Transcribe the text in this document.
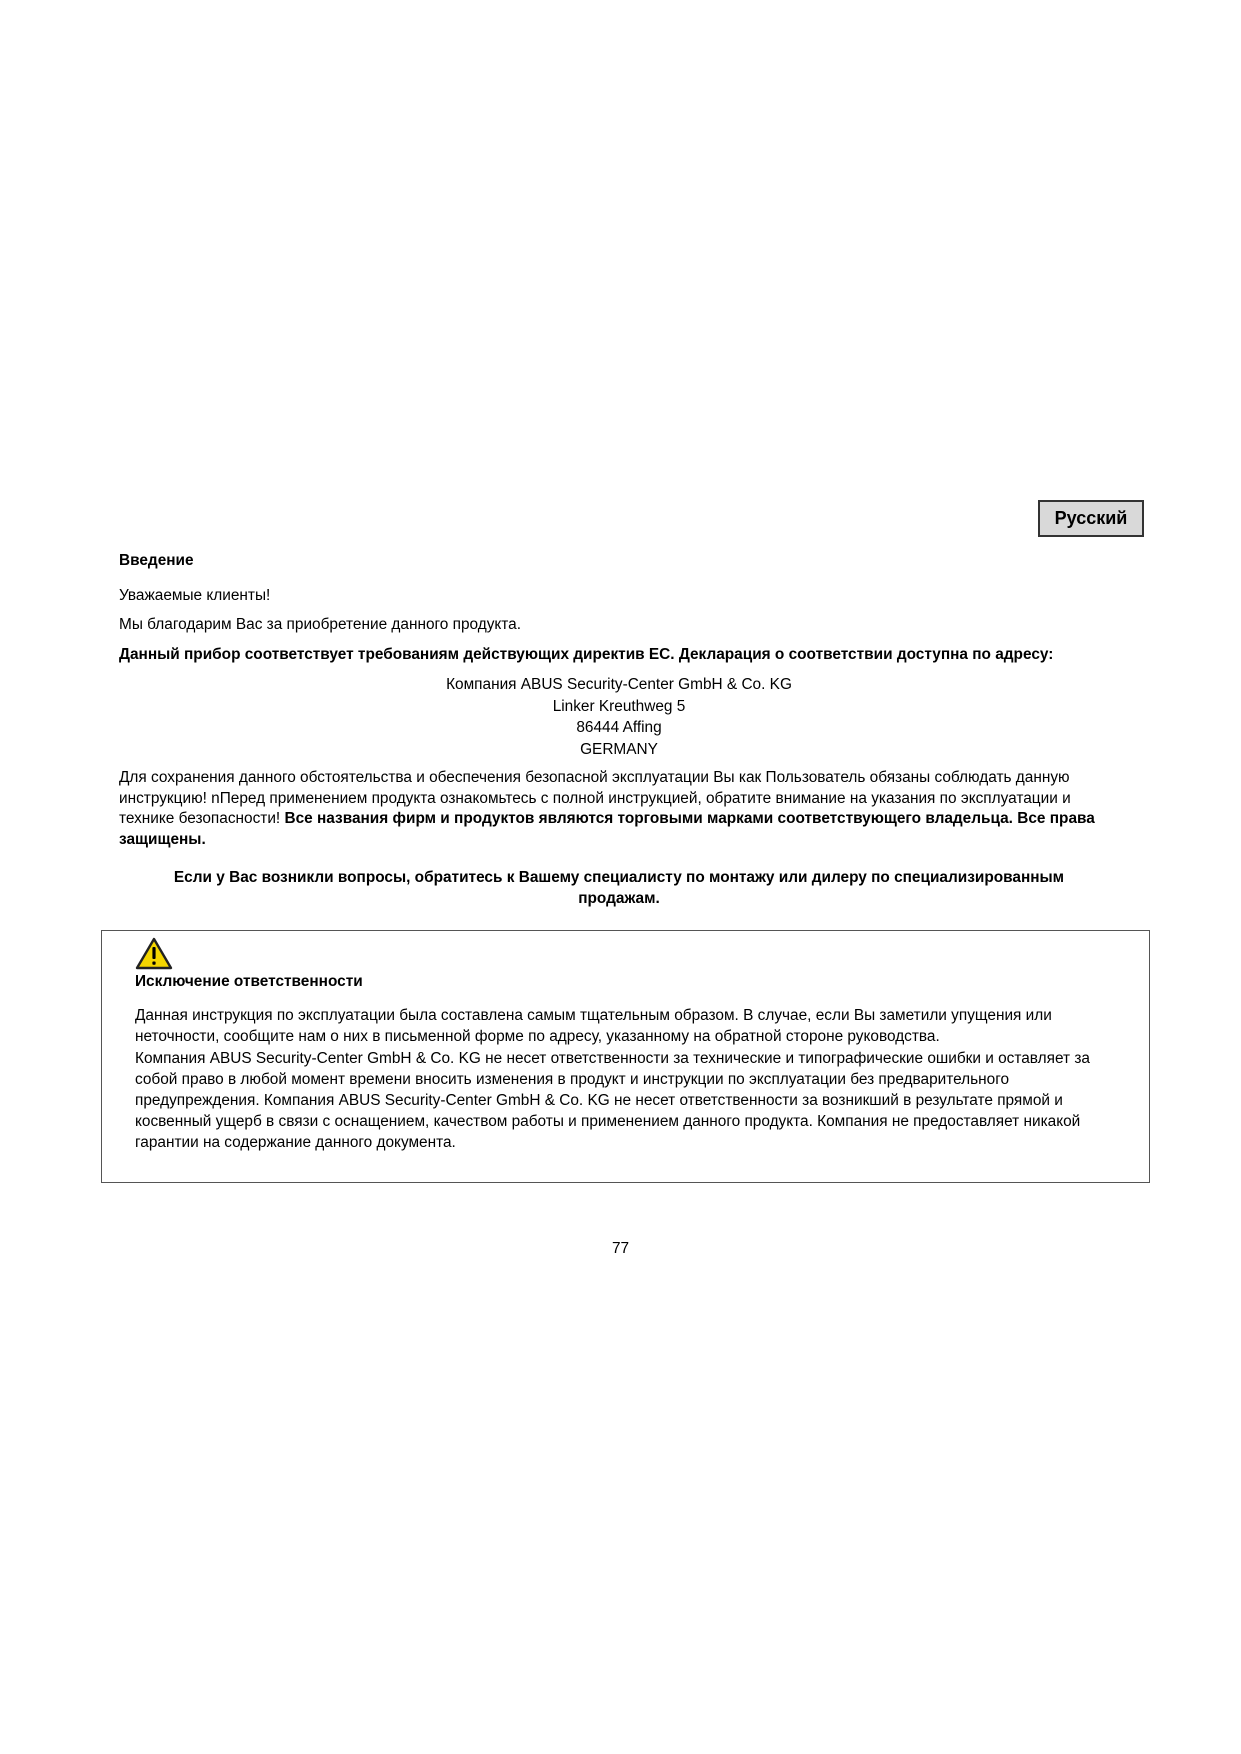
Русский
Введение
Уважаемые клиенты!
Мы благодарим Вас за приобретение данного продукта.
Данный прибор соответствует требованиям действующих директив ЕС. Декларация о соответствии доступна по адресу:
Компания ABUS Security-Center GmbH & Co. KG
Linker Kreuthweg 5
86444 Affing
GERMANY
Для сохранения данного обстоятельства и обеспечения безопасной эксплуатации Вы как Пользователь обязаны соблюдать данную инструкцию! nПеред применением продукта ознакомьтесь с полной инструкцией, обратите внимание на указания по эксплуатации и технике безопасности! Все названия фирм и продуктов являются торговыми марками соответствующего владельца. Все права защищены.
Если у Вас возникли вопросы, обратитесь к Вашему специалисту по монтажу или дилеру по специализированным продажам.
Исключение ответственности

Данная инструкция по эксплуатации была составлена самым тщательным образом. В случае, если Вы заметили упущения или неточности, сообщите нам о них в письменной форме по адресу, указанному на обратной стороне руководства.

Компания ABUS Security-Center GmbH & Co. KG не несет ответственности за технические и типографические ошибки и оставляет за собой право в любой момент времени вносить изменения в продукт и инструкции по эксплуатации без предварительного предупреждения. Компания ABUS Security-Center GmbH & Co. KG не несет ответственности за возникший в результате прямой и косвенный ущерб в связи с оснащением, качеством работы и применением данного продукта. Компания не предоставляет никакой гарантии на содержание данного документа.

77
